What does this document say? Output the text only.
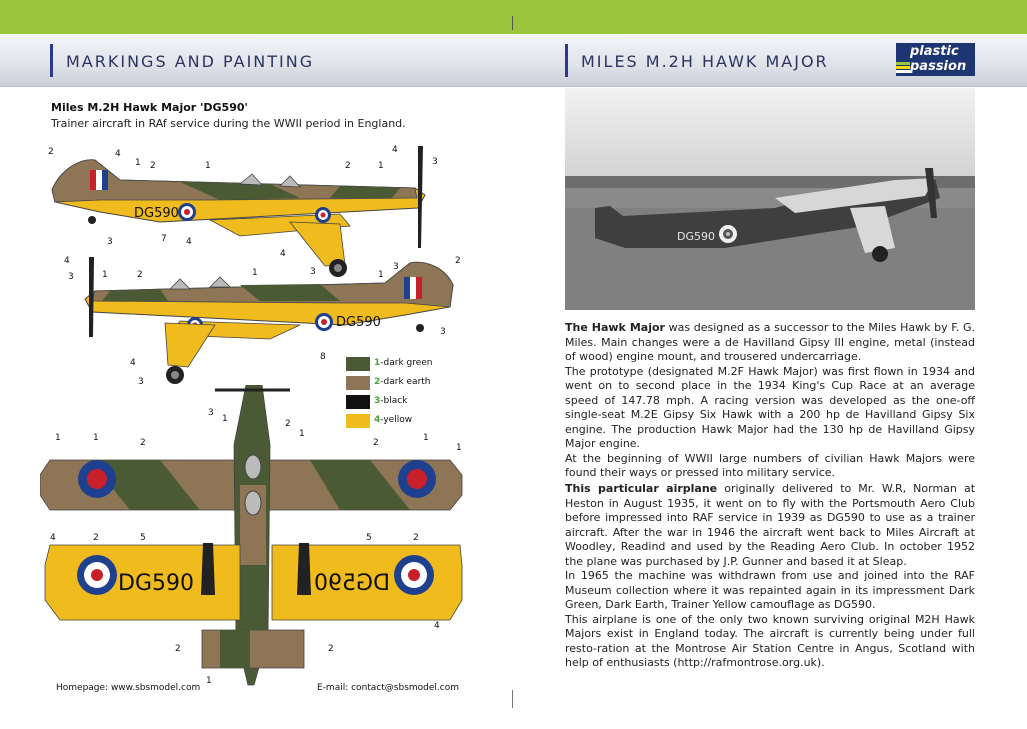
MARKINGS AND PAINTING	MILES M.2H HAWK MAJOR
plastic
passion
Miles M.2H Hawk Major 'DG590'
Trainer aircraft in RAf service during the WWII period in England.
DG590
2	4
1 2	1	2	1
4
3
3	7 4
4
3
DG590
4
3	1	2	1
3
1
2
3
8
4
3
1-dark green
2-dark earth
3-black
4-yellow
DG590	DG590
3
1	2
1
1	1	2	2	1
1
4	2	5	5	2
4
2	2
1
Homepage: www.sbsmodel.com	E-mail: contact@sbsmodel.com
DG590

The Hawk Major was designed as a successor to the Miles Hawk by F. G. Miles. Main changes were a de Havilland Gipsy III engine, metal (instead of wood) engine mount, and trousered undercarriage.

The prototype (designated M.2F Hawk Major) was first flown in 1934 and went on to second place in the 1934 King's Cup Race at an average speed of 147.78 mph. A racing version was developed as the one-off single-seat M.2E Gipsy Six Hawk with a 200 hp de Havilland Gipsy Six engine. The production Hawk Major had the 130 hp de Havilland Gipsy Major engine.

At the beginning of WWII large numbers of civilian Hawk Majors were found their ways or pressed into military service.

This particular airplane originally delivered to Mr. W.R, Norman at Heston in August 1935, it went on to fly with the Portsmouth Aero Club before impressed into RAF service in 1939 as DG590 to use as a trainer aircraft. After the war in 1946 the aircraft went back to Miles Aircraft at Woodley, Readind and used by the Reading Aero Club. In october 1952 the plane was purchased by J.P. Gunner and based it at Sleap.

In 1965 the machine was withdrawn from use and joined into the RAF Museum collection where it was repainted again in its impressment Dark Green, Dark Earth, Trainer Yellow camouflage as DG590.

This airplane is one of the only two known surviving original M2H Hawk Majors exist in England today. The aircraft is currently being under full resto-ration at the Montrose Air Station Centre in Angus, Scotland with help of enthusiasts (http://rafmontrose.org.uk).
